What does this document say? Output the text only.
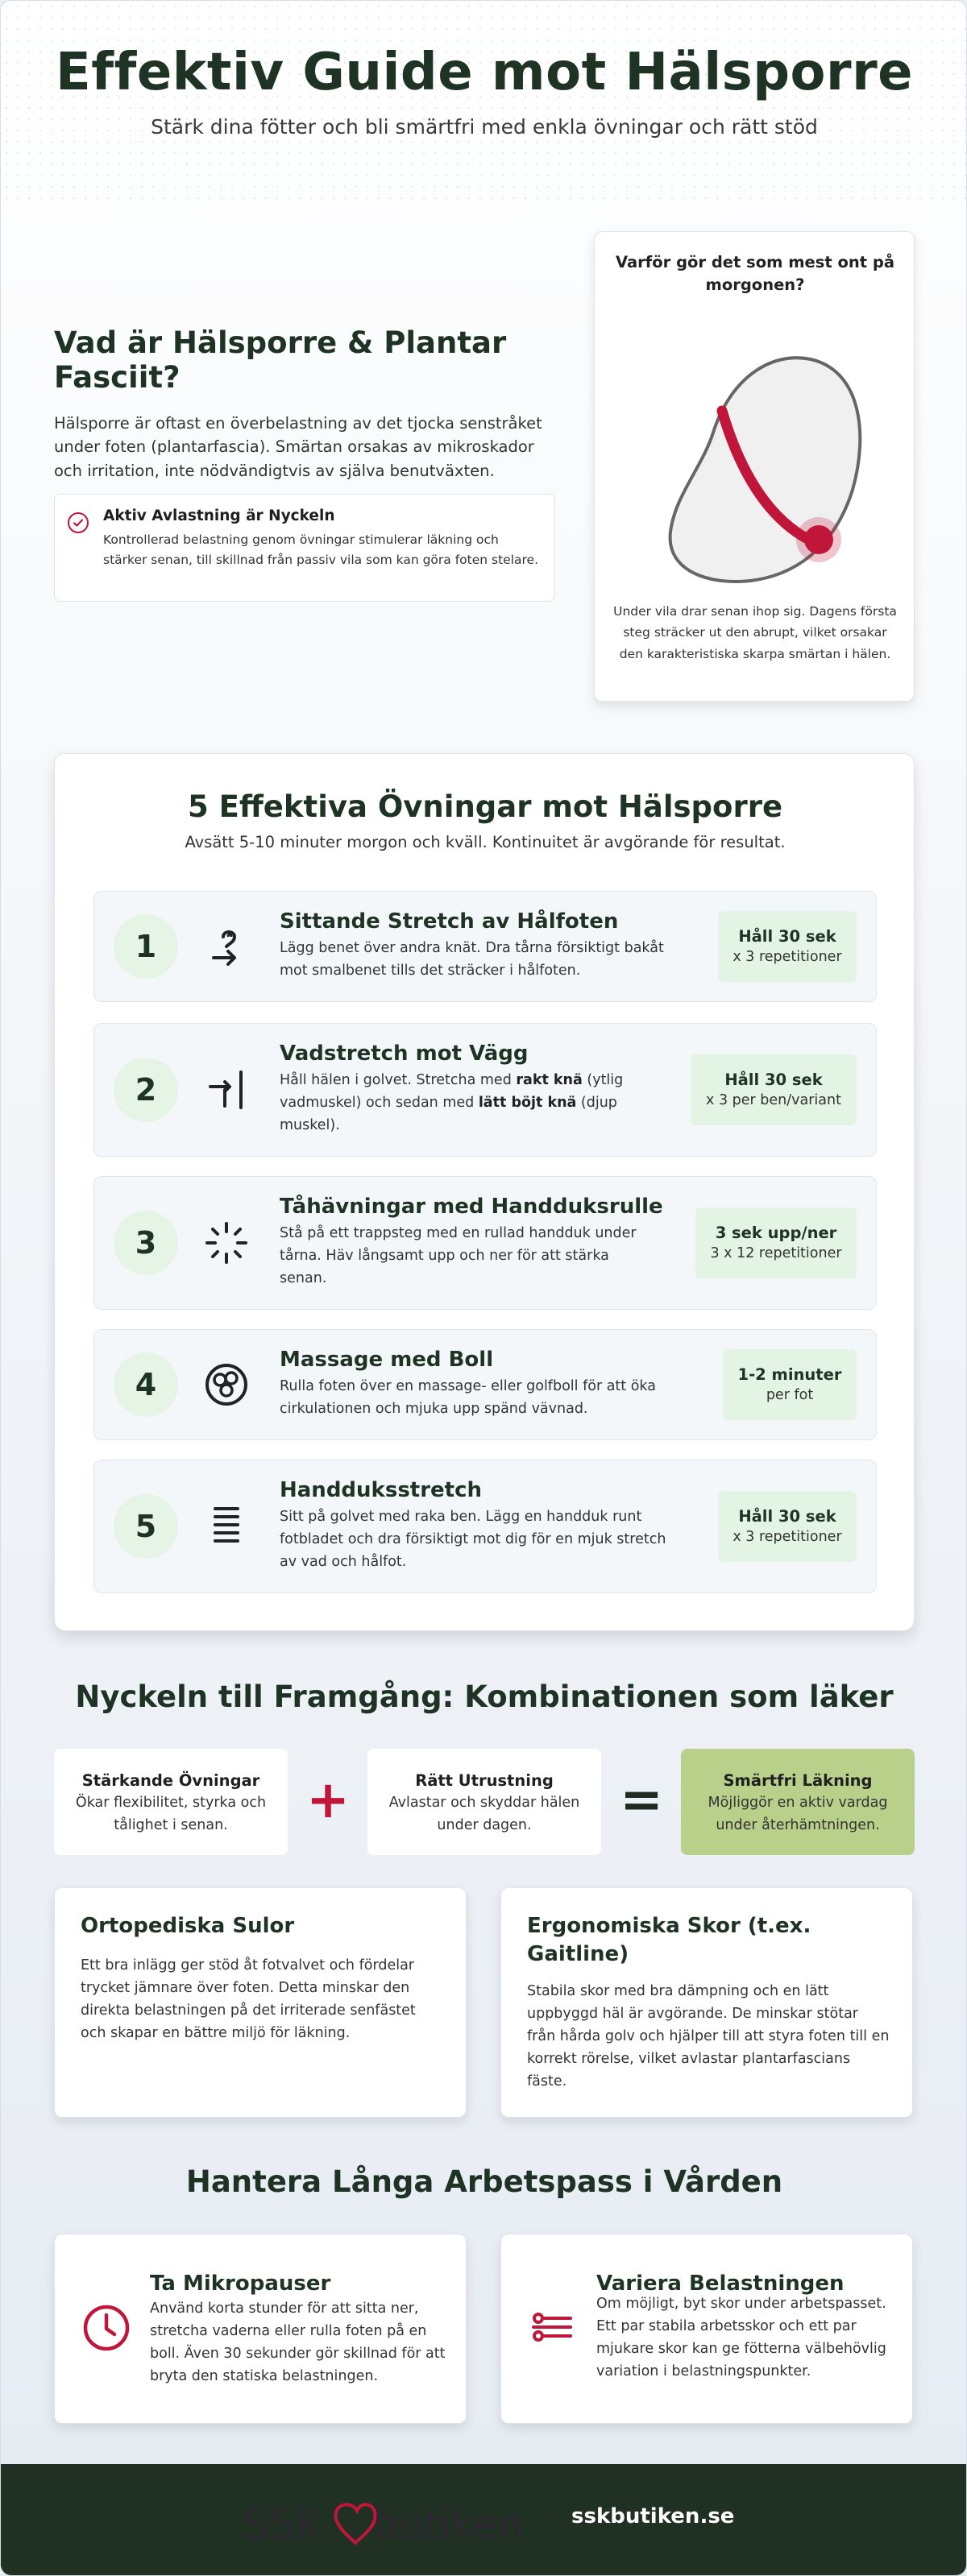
Effektiv Guide mot Hälsporre

Stärk dina fötter och bli smärtfri med enkla övningar och rätt stöd

Vad är Hälsporre & Plantar Fasciit?

Hälsporre är oftast en överbelastning av det tjocka senstråket under foten (plantarfascia). Smärtan orsakas av mikroskador och irritation, inte nödvändigtvis av själva benutväxten.

Aktiv Avlastning är Nyckeln
Kontrollerad belastning genom övningar stimulerar läkning och stärker senan, till skillnad från passiv vila som kan göra foten stelare.
Varför gör det som mest ont på morgonen?
Under vila drar senan ihop sig. Dagens första steg sträcker ut den abrupt, vilket orsakar den karakteristiska skarpa smärtan i hälen.
5 Effektiva Övningar mot Hälsporre

Avsätt 5-10 minuter morgon och kväll. Kontinuitet är avgörande för resultat.

1
Sittande Stretch av Hålfoten
Lägg benet över andra knät. Dra tårna försiktigt bakåt mot smalbenet tills det sträcker i hålfoten.
Håll 30 sek
x 3 repetitioner
2
Vadstretch mot Vägg
Håll hälen i golvet. Stretcha med rakt knä (ytlig vadmuskel) och sedan med lätt böjt knä (djup muskel).
Håll 30 sek
x 3 per ben/variant
3
Tåhävningar med Handduksrulle
Stå på ett trappsteg med en rullad handduk under tårna. Häv långsamt upp och ner för att stärka senan.
3 sek upp/ner
3 x 12 repetitioner
4
Massage med Boll
Rulla foten över en massage- eller golfboll för att öka cirkulationen och mjuka upp spänd vävnad.
1-2 minuter
per fot
5
Handduksstretch
Sitt på golvet med raka ben. Lägg en handduk runt fotbladet och dra försiktigt mot dig för en mjuk stretch av vad och hålfot.
Håll 30 sek
x 3 repetitioner
Nyckeln till Framgång: Kombinationen som läker
Stärkande Övningar
Ökar flexibilitet, styrka och tålighet i senan.	+	Rätt Utrustning
Avlastar och skyddar hälen under dagen.	=	Smärtfri Läkning
Möjliggör en aktiv vardag under återhämtningen.
Ortopediska Sulor
Ett bra inlägg ger stöd åt fotvalvet och fördelar trycket jämnare över foten. Detta minskar den direkta belastningen på det irriterade senfästet och skapar en bättre miljö för läkning.
Ergonomiska Skor (t.ex. Gaitline)
Stabila skor med bra dämpning och en lätt uppbyggd häl är avgörande. De minskar stötar från hårda golv och hjälper till att styra foten till en korrekt rörelse, vilket avlastar plantarfascians fäste.
Hantera Långa Arbetspass i Vården
Ta Mikropauser
Använd korta stunder för att sitta ner, stretcha vaderna eller rulla foten på en boll. Även 30 sekunder gör skillnad för att bryta den statiska belastningen.
Variera Belastningen
Om möjligt, byt skor under arbetspasset. Ett par stabila arbetsskor och ett par mjukare skor kan ge fötterna välbehövlig variation i belastningspunkter.
SSK butiken sskbutiken.se
